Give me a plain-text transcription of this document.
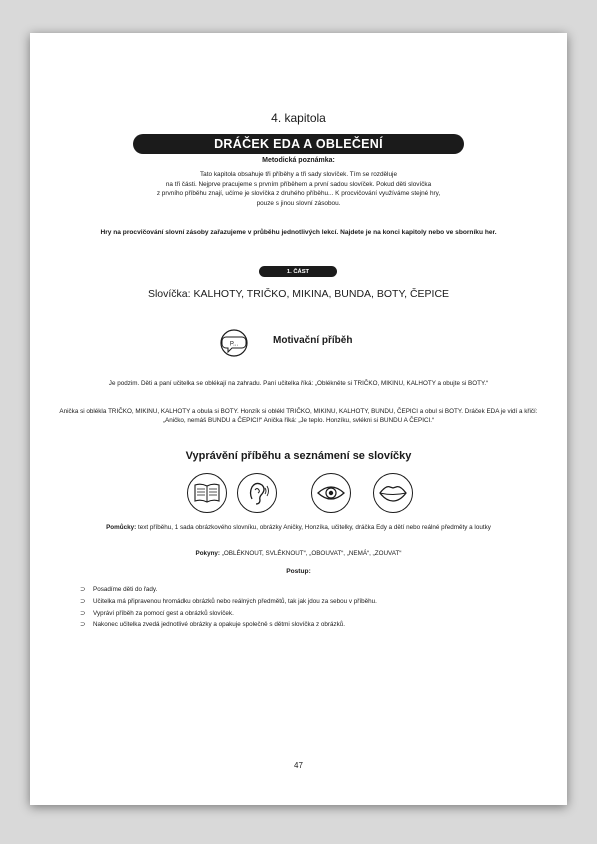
4. kapitola
DRÁČEK EDA A OBLEČENÍ
Metodická poznámka:
Tato kapitola obsahuje tři příběhy a tři sady slovíček. Tím se rozděluje
na tři části. Nejprve pracujeme s prvním příběhem a první sadou slovíček. Pokud děti slovíčka
z prvního příběhu znají, učíme je slovíčka z druhého příběhu... K procvičování využíváme stejné hry,
pouze s jinou slovní zásobou.
Hry na procvičování slovní zásoby zařazujeme v průběhu jednotlivých lekcí. Najdete je na konci kapitoly nebo ve sborníku her.
1. ČÁST
Slovíčka: KALHOTY, TRIČKO, MIKINA, BUNDA, BOTY, ČEPICE
P...	Motivační příběh
Je podzim. Děti a paní učitelka se oblékají na zahradu. Paní učitelka říká: „Oblékněte si TRIČKO, MIKINU, KALHOTY a obujte si BOTY.“
Anička si obléklа TRIČKO, MIKINU, KALHOTY a obula si BOTY. Honzík si oblékl TRIČKO, MIKINU, KALHOTY, BUNDU, ČEPICI a obul si BOTY. Dráček EDA je vidí a křičí: „Aničko, nemáš BUNDU a ČEPICI!“ Anička říká: „Je teplo. Honzíku, svlékni si BUNDU A ČEPICI.“
Vyprávění příběhu a seznámení se slovíčky
Pomůcky: text příběhu, 1 sada obrázkového slovníku, obrázky Aničky, Honzíka, učitelky, dráčka Edy a dětí nebo reálné předměty a loutky
Pokyny: „OBLÉKNOUT, SVLÉKNOUT“, „OBOUVAT“, „NEMÁ“, „ZOUVAT“
Postup:
⊃ Posadíme děti do řady.
⊃ Učitelka má připravenou hromádku obrázků nebo reálných předmětů, tak jak jdou za sebou v příběhu.
⊃ Vypráví příběh za pomocí gest a obrázků slovíček.
⊃ Nakonec učitelka zvedá jednotlivé obrázky a opakuje společně s dětmi slovíčka z obrázků.
47
